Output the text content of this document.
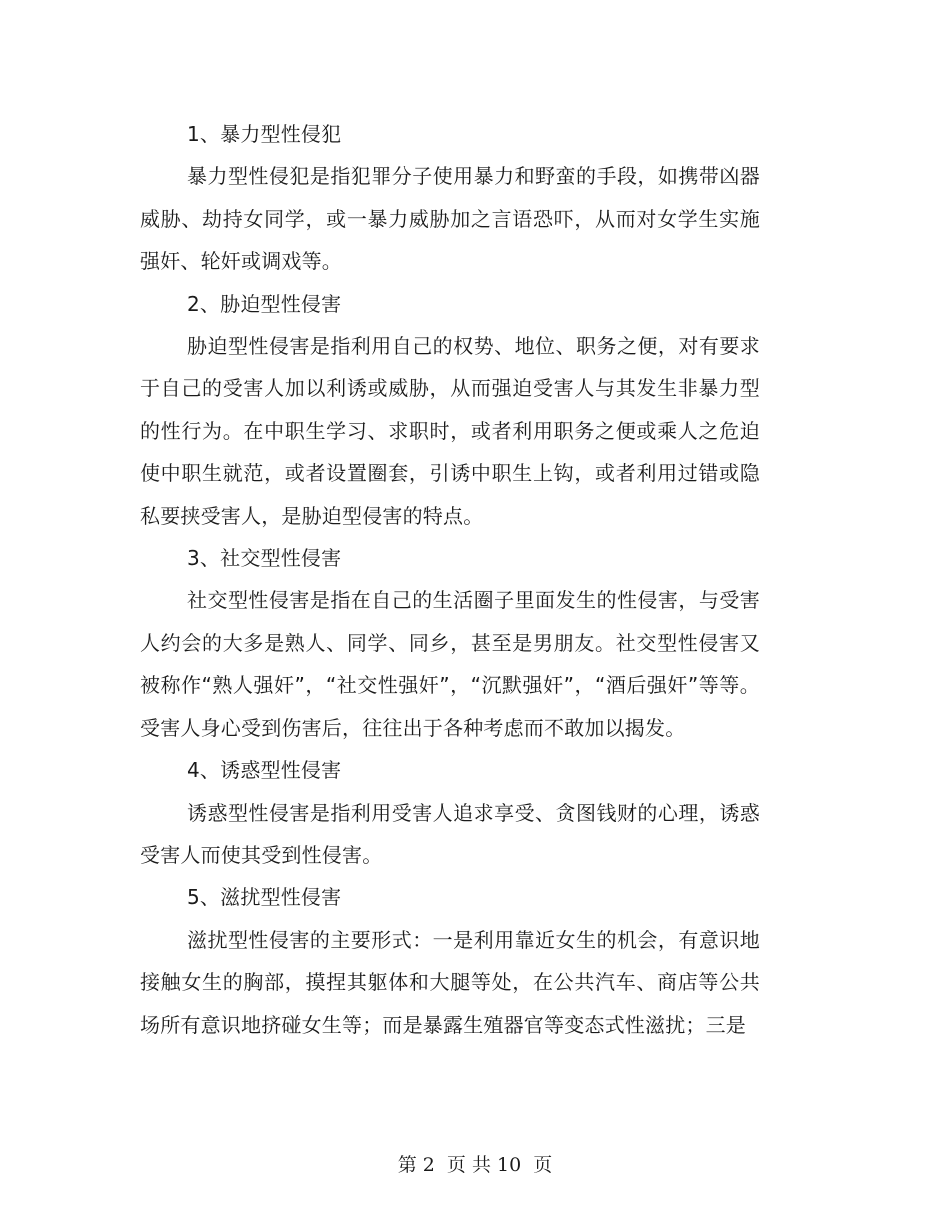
1、暴力型性侵犯

暴力型性侵犯是指犯罪分子使用暴力和野蛮的手段，如携带凶器威胁、劫持女同学，或一暴力威胁加之言语恐吓，从而对女学生实施强奸、轮奸或调戏等。

2、胁迫型性侵害

胁迫型性侵害是指利用自己的权势、地位、职务之便，对有要求于自己的受害人加以利诱或威胁，从而强迫受害人与其发生非暴力型的性行为。在中职生学习、求职时，或者利用职务之便或乘人之危迫使中职生就范，或者设置圈套，引诱中职生上钩，或者利用过错或隐私要挟受害人，是胁迫型侵害的特点。

3、社交型性侵害

社交型性侵害是指在自己的生活圈子里面发生的性侵害，与受害人约会的大多是熟人、同学、同乡，甚至是男朋友。社交型性侵害又被称作“熟人强奸”，“社交性强奸”，“沉默强奸”，“酒后强奸”等等。受害人身心受到伤害后，往往出于各种考虑而不敢加以揭发。

4、诱惑型性侵害

诱惑型性侵害是指利用受害人追求享受、贪图钱财的心理，诱惑受害人而使其受到性侵害。

5、滋扰型性侵害

滋扰型性侵害的主要形式：一是利用靠近女生的机会，有意识地接触女生的胸部，摸捏其躯体和大腿等处，在公共汽车、商店等公共场所有意识地挤碰女生等；而是暴露生殖器官等变态式性滋扰；三是

第 2  页 共 10  页
